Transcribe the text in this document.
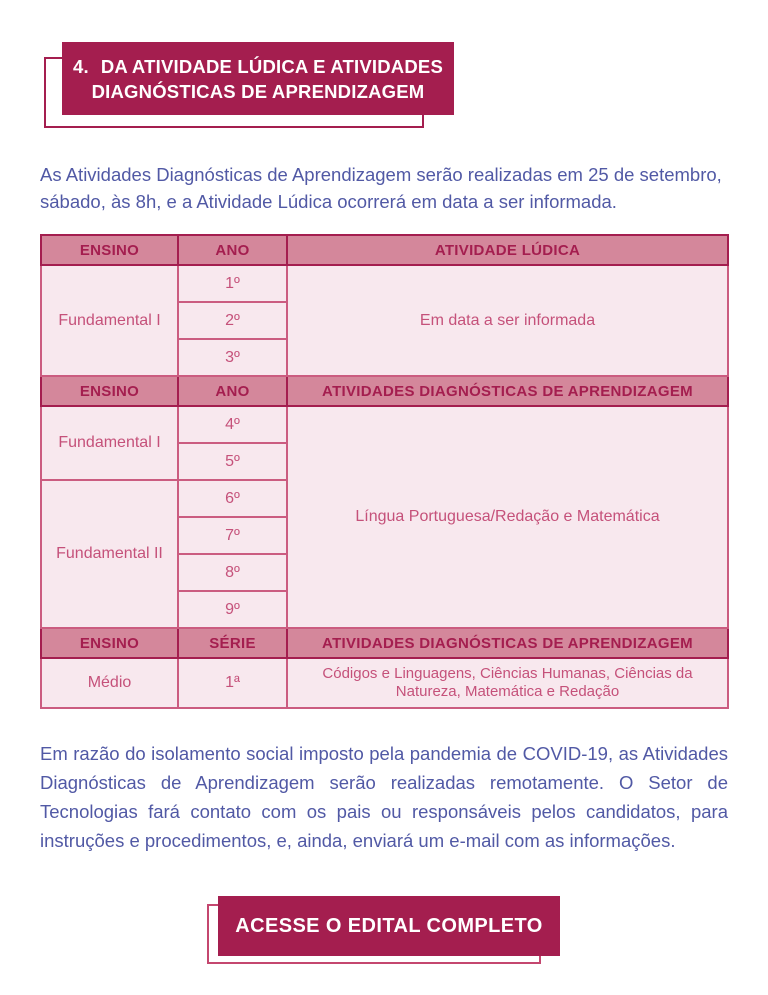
4. DA ATIVIDADE LÚDICA E ATIVIDADES
DIAGNÓSTICAS DE APRENDIZAGEM

As Atividades Diagnósticas de Aprendizagem serão realizadas em 25 de setembro, sábado, às 8h, e a Atividade Lúdica ocorrerá em data a ser informada.

ENSINO	ANO	ATIVIDADE LÚDICA
Fundamental I	1º	Em data a ser informada
	2º	
	3º	
ENSINO	ANO	ATIVIDADES DIAGNÓSTICAS DE APRENDIZAGEM
Fundamental I	4º	Língua Portuguesa/Redação e Matemática
	5º	
Fundamental II	6º	
	7º	
	8º	
	9º	
ENSINO	SÉRIE	ATIVIDADES DIAGNÓSTICAS DE APRENDIZAGEM
Médio	1ª	Códigos e Linguagens, Ciências Humanas, Ciências da Natureza, Matemática e Redação

Em razão do isolamento social imposto pela pandemia de COVID-19, as Atividades Diagnósticas de Aprendizagem serão realizadas remotamente. O Setor de Tecnologias fará contato com os pais ou responsáveis pelos candidatos, para instruções e procedimentos, e, ainda, enviará um e-mail com as informações.

ACESSE O EDITAL COMPLETO
